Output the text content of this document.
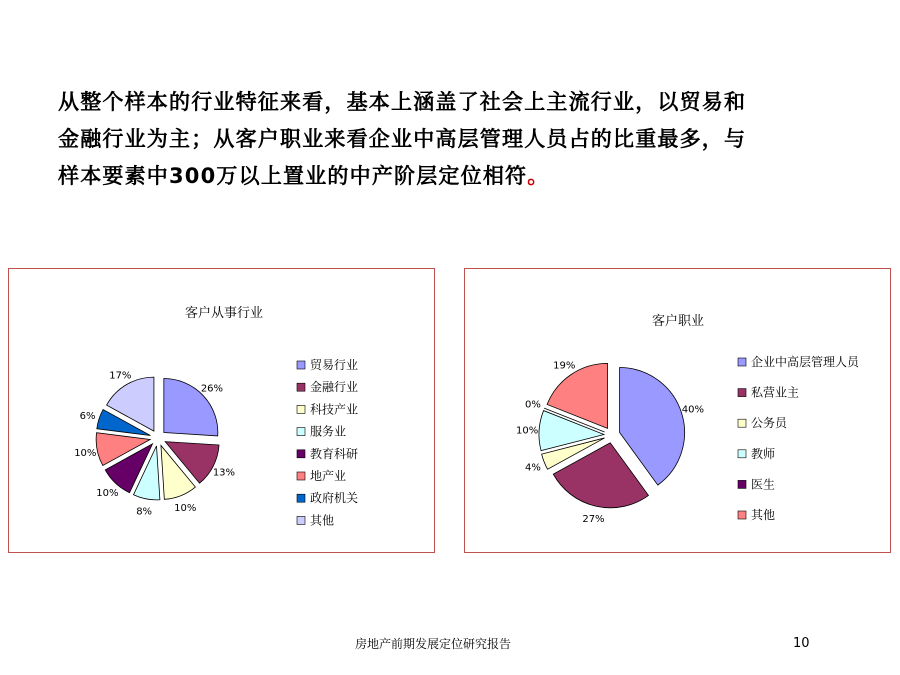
从整个样本的行业特征来看，基本上涵盖了社会上主流行业，以贸易和
金融行业为主；从客户职业来看企业中高层管理人员占的比重最多，与
样本要素中300万以上置业的中产阶层定位相符。
客户从事行业
26%
13%
10%
8%
10%
10%
6%
17%
贸易行业
金融行业
科技产业
服务业
教育科研
地产业
政府机关
其他
客户职业
40%
27%
4%
10%
0%
19%	企业中高层管理人员
私营业主
公务员
教师
医生
其他
房地产前期发展定位研究报告	10
